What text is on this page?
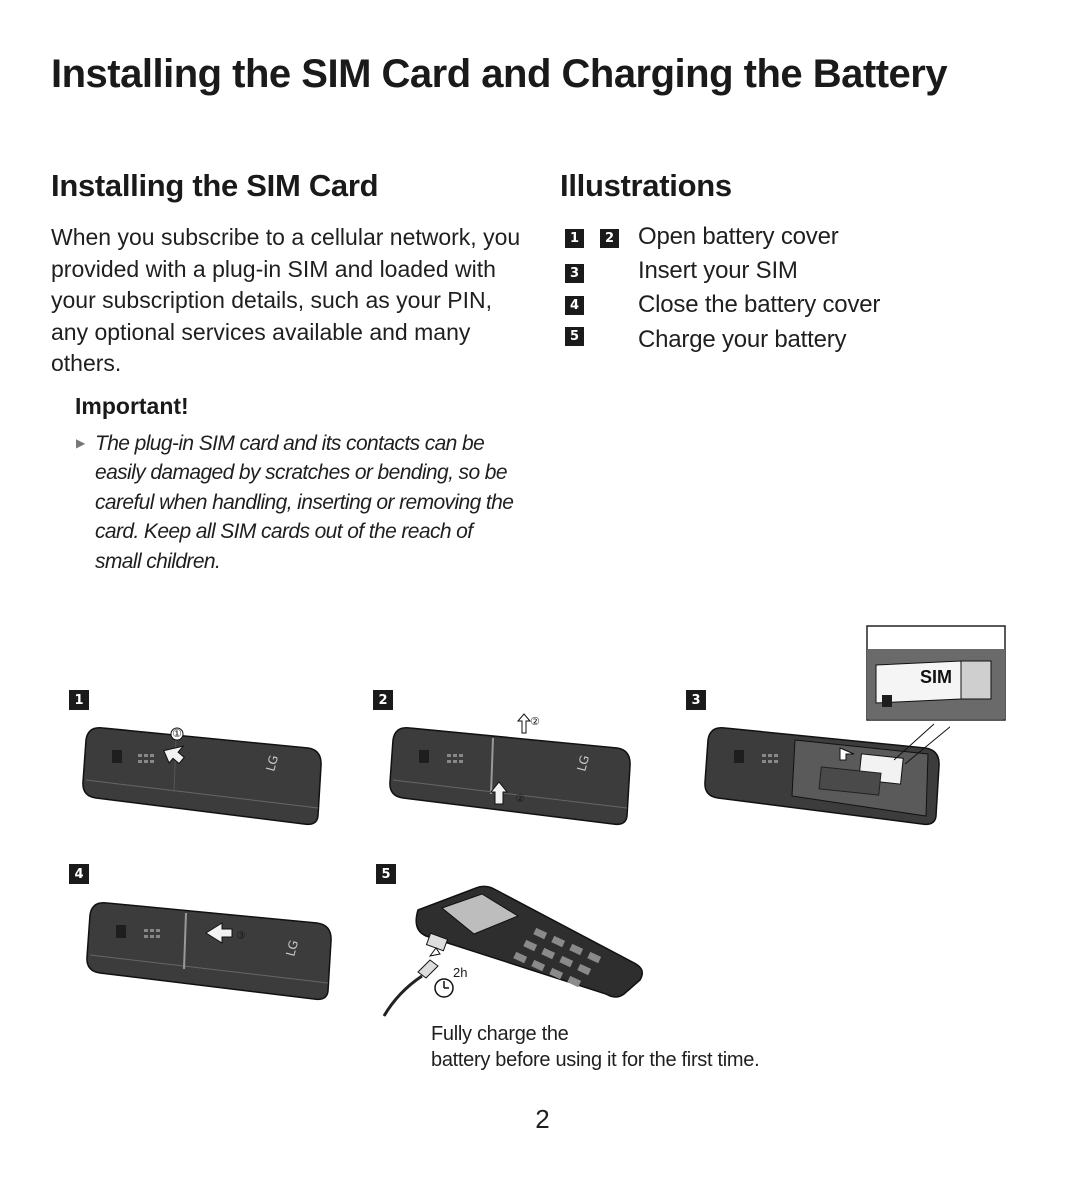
Installing the SIM Card and Charging the Battery
Installing the SIM Card

When you subscribe to a cellular network, you provided with a plug-in SIM and loaded with your subscription details, such as your PIN, any optional services available and many others.

Important!
▶ The plug-in SIM card and its contacts can be easily damaged by scratches or bending, so be careful when handling, inserting or removing the card. Keep all SIM cards out of the reach of small children.

Illustrations
1	2 Open battery cover
3 Insert your SIM
4 Close the battery cover
5 Charge your battery
1	2	3
4	5
LG
①
LG
②
②
SIM
LG
③
2h
Fully charge the
battery before using it for the first time.
2
